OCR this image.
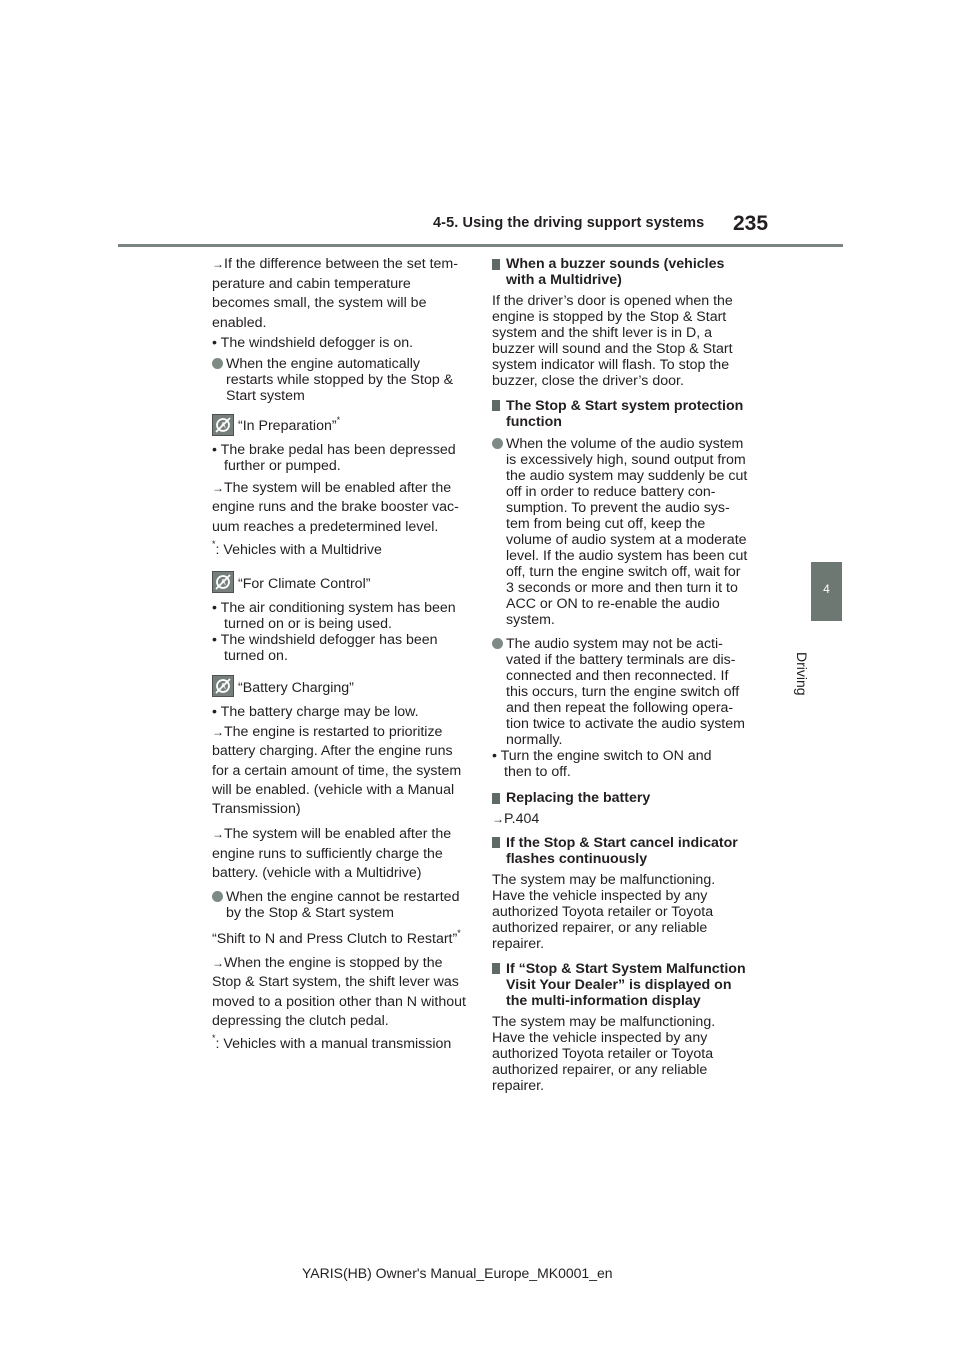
4-5. Using the driving support systems 235
4
Driving
→ If the difference between the set tem-
perature and cabin temperature
becomes small, the system will be
enabled.
• The windshield defogger is on.
When the engine automatically
restarts while stopped by the Stop &
Start system
A “In Preparation”*
• The brake pedal has been depressed
further or pumped.
→ The system will be enabled after the
engine runs and the brake booster vac-
uum reaches a predetermined level.
*: Vehicles with a Multidrive
A “For Climate Control”
• The air conditioning system has been
turned on or is being used.
• The windshield defogger has been
turned on.
A “Battery Charging”
• The battery charge may be low.
→ The engine is restarted to prioritize
battery charging. After the engine runs
for a certain amount of time, the system
will be enabled. (vehicle with a Manual
Transmission)
→ The system will be enabled after the
engine runs to sufficiently charge the
battery. (vehicle with a Multidrive)
When the engine cannot be restarted
by the Stop & Start system
“Shift to N and Press Clutch to Restart”*
→ When the engine is stopped by the
Stop & Start system, the shift lever was
moved to a position other than N without
depressing the clutch pedal.
*: Vehicles with a manual transmission
When a buzzer sounds (vehicles
with a Multidrive)
If the driver’s door is opened when the
engine is stopped by the Stop & Start
system and the shift lever is in D, a
buzzer will sound and the Stop & Start
system indicator will flash. To stop the
buzzer, close the driver’s door.
The Stop & Start system protection
function
When the volume of the audio system
is excessively high, sound output from
the audio system may suddenly be cut
off in order to reduce battery con-
sumption. To prevent the audio sys-
tem from being cut off, keep the
volume of audio system at a moderate
level. If the audio system has been cut
off, turn the engine switch off, wait for
3 seconds or more and then turn it to
ACC or ON to re-enable the audio
system.
The audio system may not be acti-
vated if the battery terminals are dis-
connected and then reconnected. If
this occurs, turn the engine switch off
and then repeat the following opera-
tion twice to activate the audio system
normally.
• Turn the engine switch to ON and
then to off.
Replacing the battery
→ P.404
If the Stop & Start cancel indicator
flashes continuously
The system may be malfunctioning.
Have the vehicle inspected by any
authorized Toyota retailer or Toyota
authorized repairer, or any reliable
repairer.
If “Stop & Start System Malfunction
Visit Your Dealer” is displayed on
the multi-information display
The system may be malfunctioning.
Have the vehicle inspected by any
authorized Toyota retailer or Toyota
authorized repairer, or any reliable
repairer.
YARIS(HB) Owner's Manual_Europe_MK0001_en
